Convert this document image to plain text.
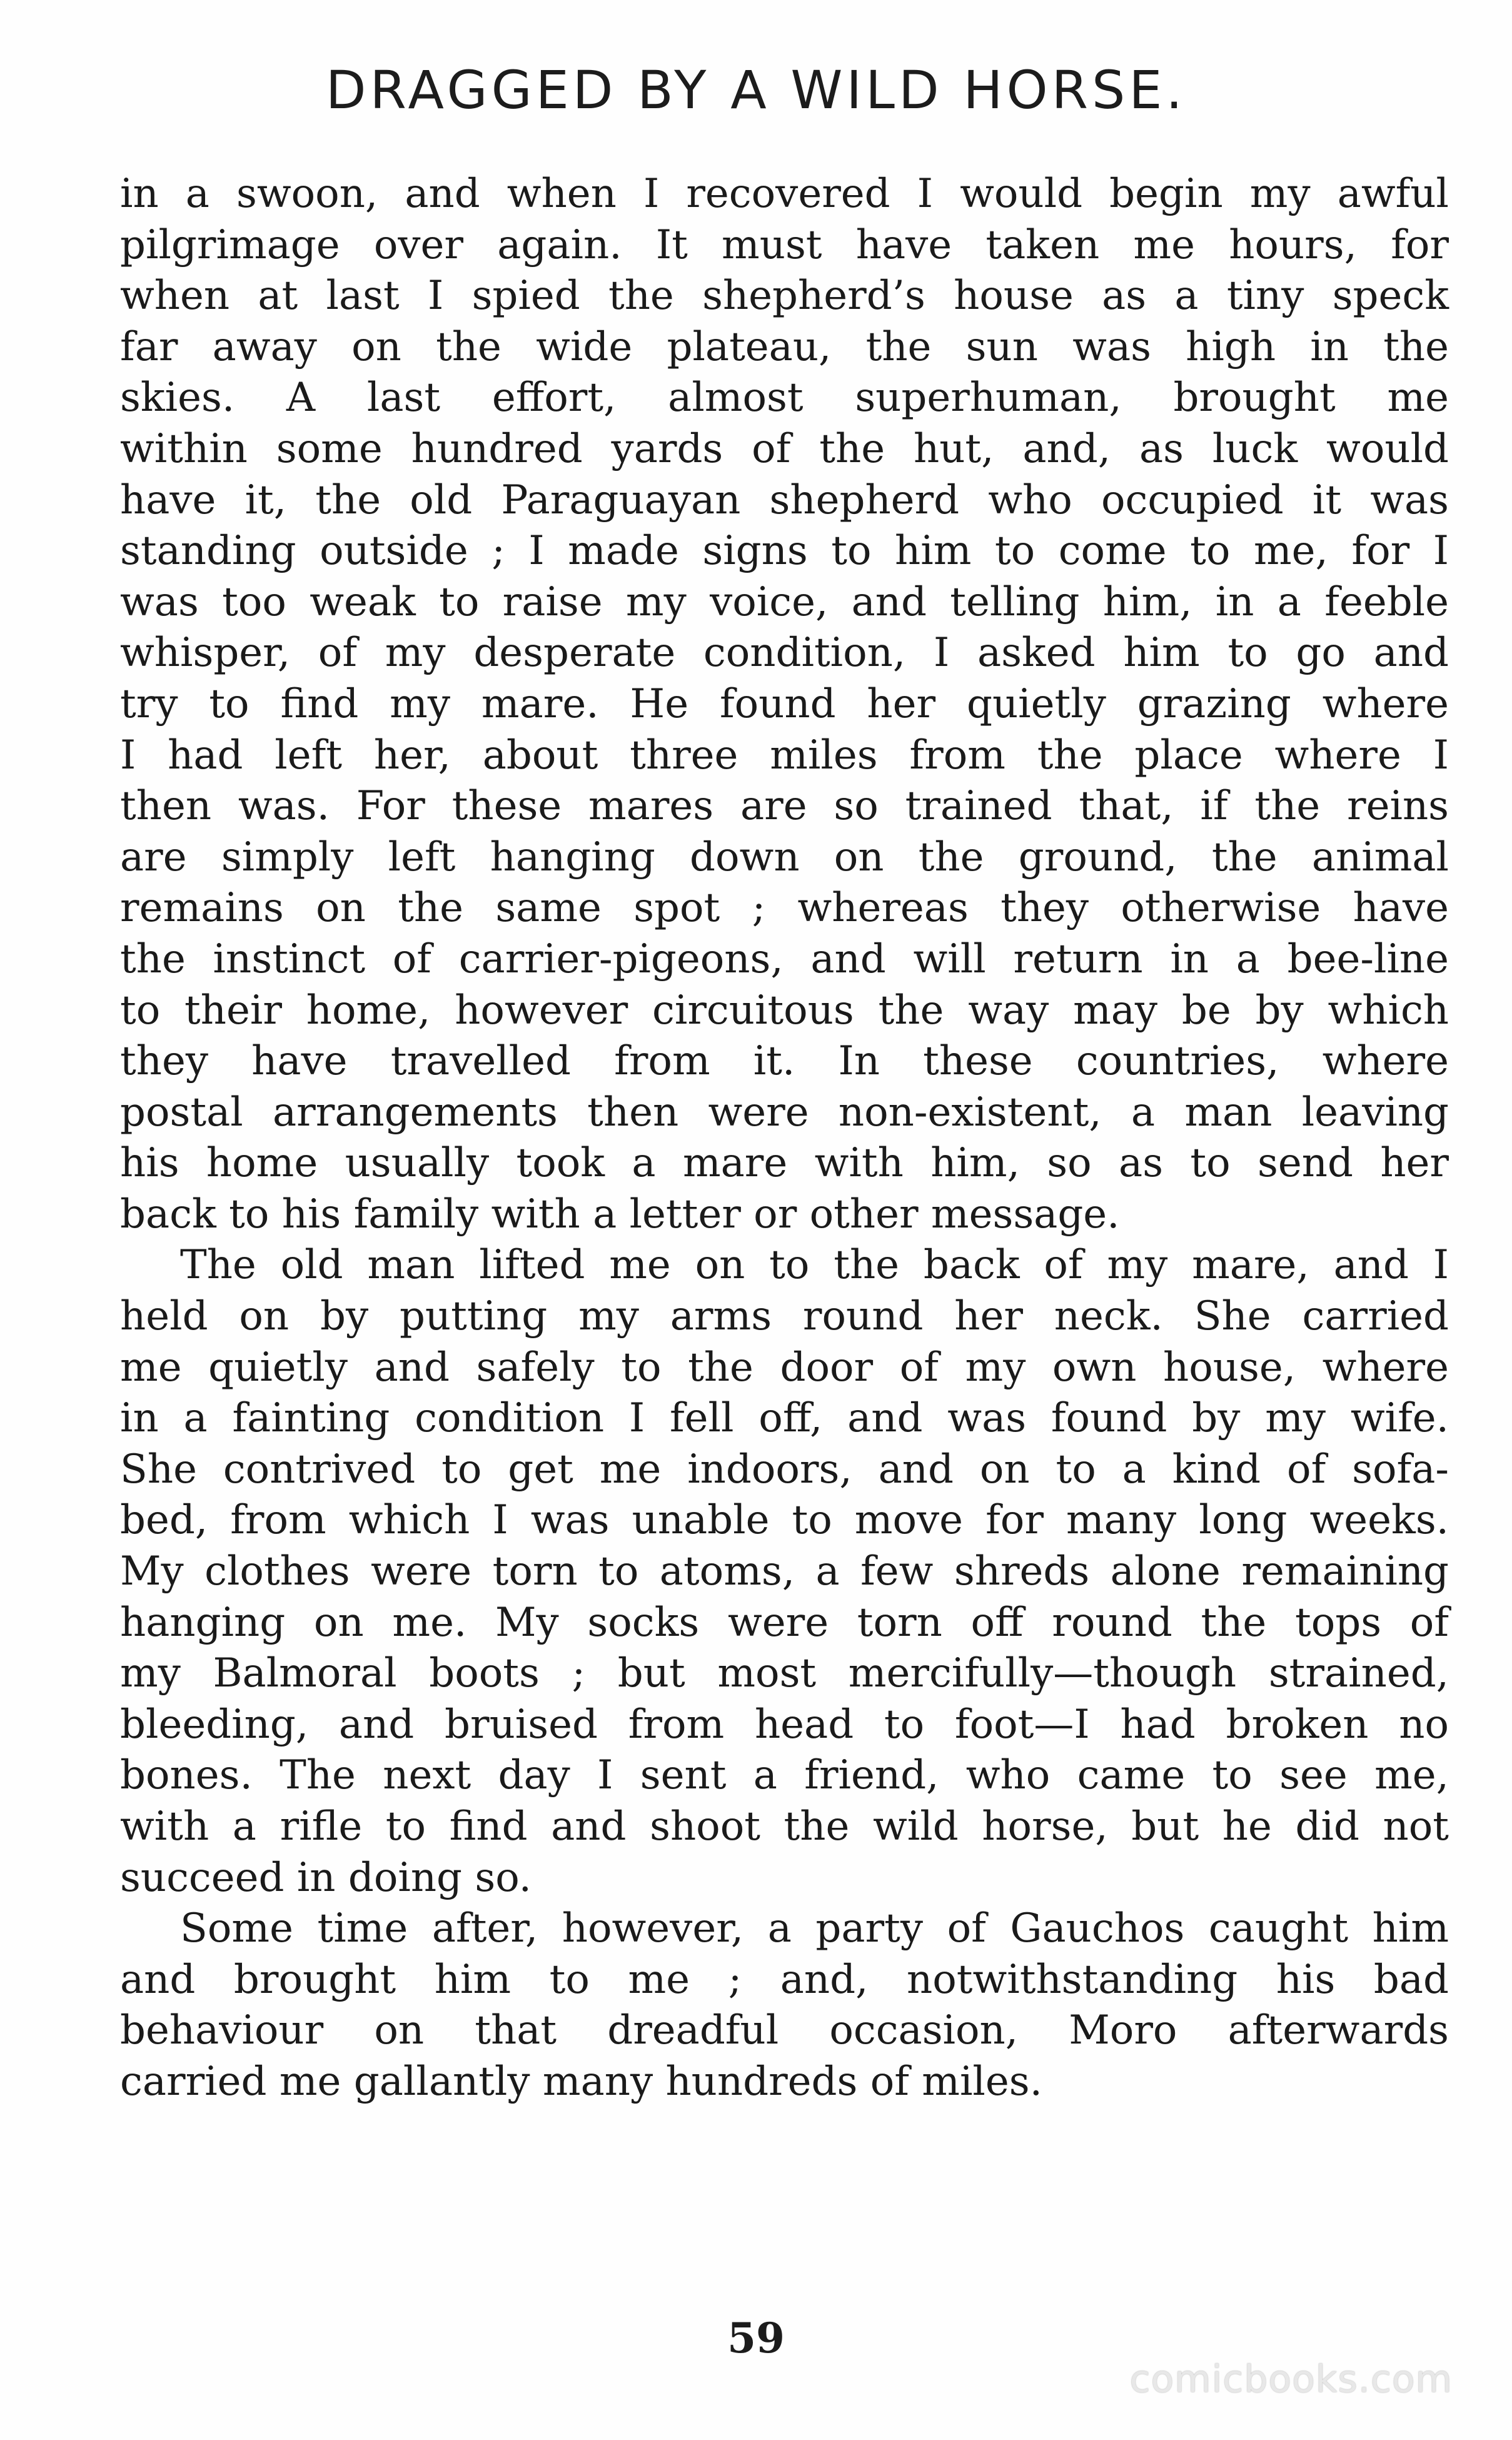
DRAGGED BY A WILD HORSE.
in a swoon, and when I recovered I would begin my awful
pilgrimage over again. It must have taken me hours, for
when at last I spied the shepherd’s house as a tiny speck
far away on the wide plateau, the sun was high in the
skies. A last effort, almost superhuman, brought me
within some hundred yards of the hut, and, as luck would
have it, the old Paraguayan shepherd who occupied it was
standing outside ; I made signs to him to come to me, for I
was too weak to raise my voice, and telling him, in a feeble
whisper, of my desperate condition, I asked him to go and
try to find my mare. He found her quietly grazing where
I had left her, about three miles from the place where I
then was. For these mares are so trained that, if the reins
are simply left hanging down on the ground, the animal
remains on the same spot ; whereas they otherwise have
the instinct of carrier-pigeons, and will return in a bee-line
to their home, however circuitous the way may be by which
they have travelled from it. In these countries, where
postal arrangements then were non-existent, a man leaving
his home usually took a mare with him, so as to send her
back to his family with a letter or other message.
The old man lifted me on to the back of my mare, and I
held on by putting my arms round her neck. She carried
me quietly and safely to the door of my own house, where
in a fainting condition I fell off, and was found by my wife.
She contrived to get me indoors, and on to a kind of sofa-
bed, from which I was unable to move for many long weeks.
My clothes were torn to atoms, a few shreds alone remaining
hanging on me. My socks were torn off round the tops of
my Balmoral boots ; but most mercifully—though strained,
bleeding, and bruised from head to foot—I had broken no
bones. The next day I sent a friend, who came to see me,
with a rifle to find and shoot the wild horse, but he did not
succeed in doing so.
Some time after, however, a party of Gauchos caught him
and brought him to me ; and, notwithstanding his bad
behaviour on that dreadful occasion, Moro afterwards
carried me gallantly many hundreds of miles.
59
comicbooks.com
